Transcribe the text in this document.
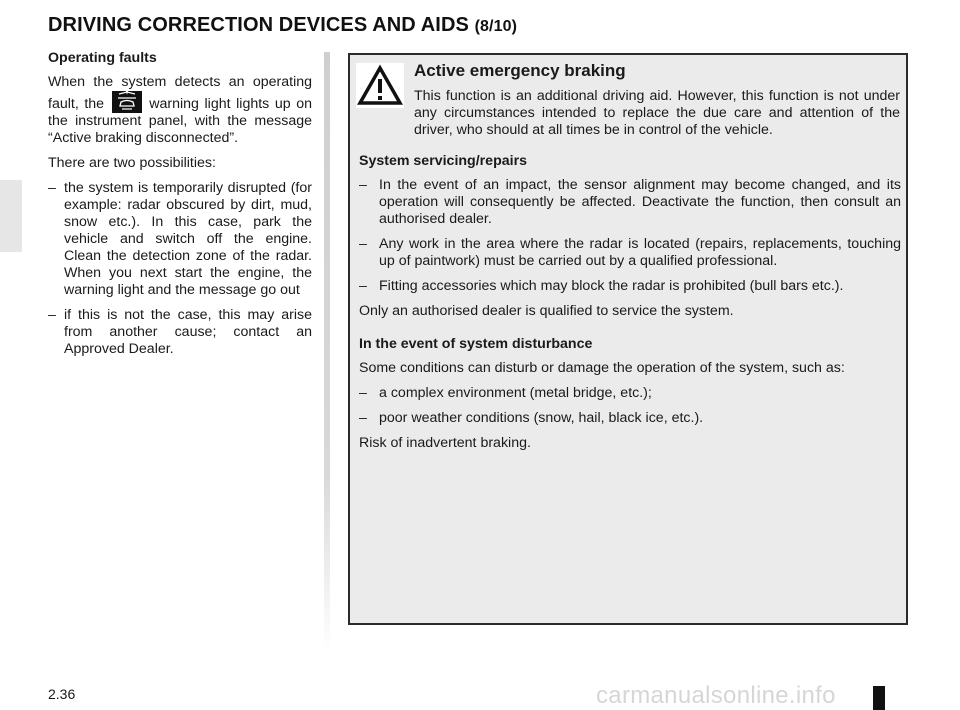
DRIVING CORRECTION DEVICES AND AIDS (8/10)

Operating faults

When the system detects an operating fault, the	warning light lights up on the instrument panel, with the message “Active braking disconnected”.

There are two possibilities:

– the system is temporarily disrupted (for example: radar obscured by dirt, mud, snow etc.). In this case, park the vehicle and switch off the engine. Clean the detection zone of the radar. When you next start the engine, the warning light and the message go out
– if this is not the case, this may arise from another cause; contact an Approved Dealer.
Active emergency braking
This function is an additional driving aid. However, this function is not under any circumstances intended to replace the due care and attention of the driver, who should at all times be in control of the vehicle.

System servicing/repairs

– In the event of an impact, the sensor alignment may become changed, and its operation will consequently be affected. Deactivate the function, then consult an authorised dealer.
– Any work in the area where the radar is located (repairs, replacements, touching up of paintwork) must be carried out by a qualified professional.
– Fitting accessories which may block the radar is prohibited (bull bars etc.).

Only an authorised dealer is qualified to service the system.

In the event of system disturbance

Some conditions can disturb or damage the operation of the system, such as:

– a complex environment (metal bridge, etc.);
– poor weather conditions (snow, hail, black ice, etc.).

Risk of inadvertent braking.

2.36	carmanualsonline.info
